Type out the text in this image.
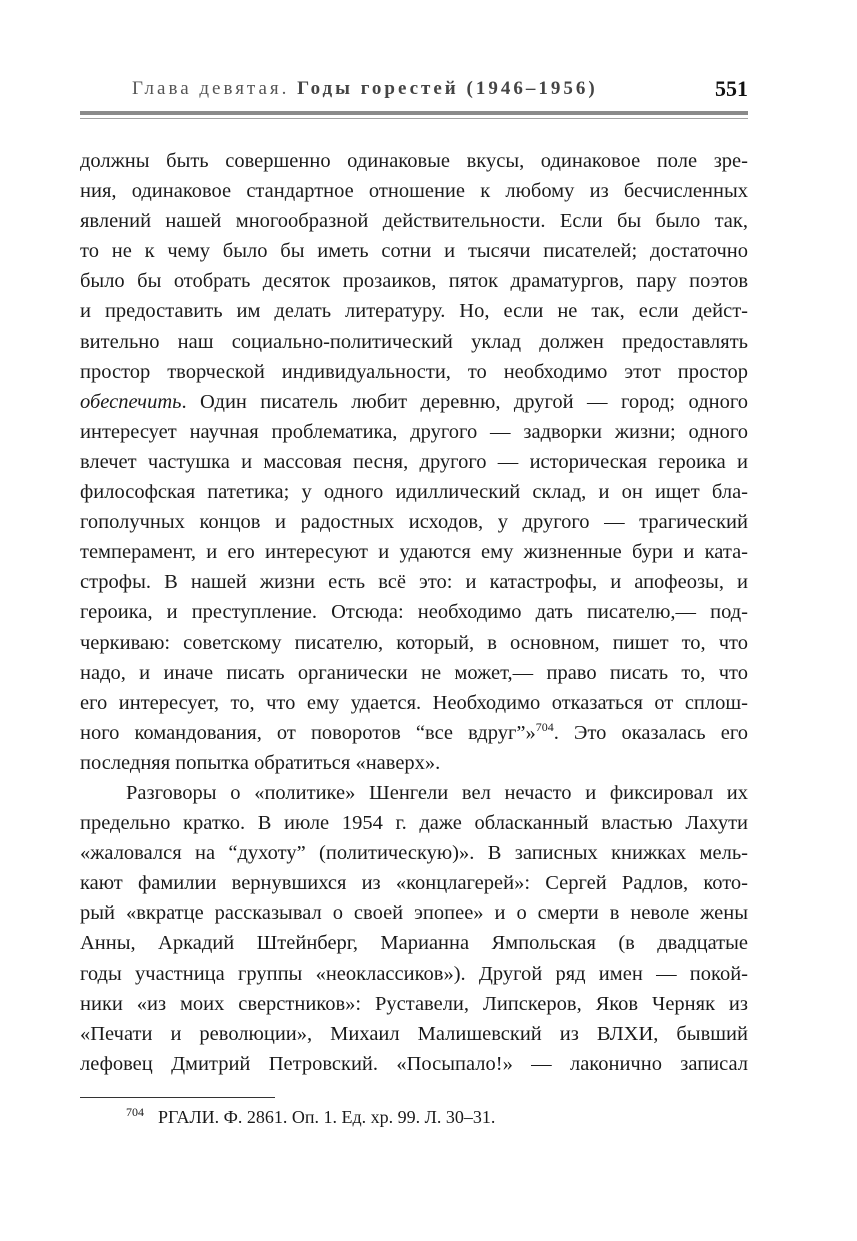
Глава девятая. Годы горестей (1946–1956)	551
должны быть совершенно одинаковые вкусы, одинаковое поле зре-
ния, одинаковое стандартное отношение к любому из бесчисленных
явлений нашей многообразной действительности. Если бы было так,
то не к чему было бы иметь сотни и тысячи писателей; достаточно
было бы отобрать десяток прозаиков, пяток драматургов, пару поэтов
и предоставить им делать литературу. Но, если не так, если дейст-
вительно наш социально-политический уклад должен предоставлять
простор творческой индивидуальности, то необходимо этот простор
обеспечить. Один писатель любит деревню, другой — город; одного
интересует научная проблематика, другого — задворки жизни; одного
влечет частушка и массовая песня, другого — историческая героика и
философская патетика; у одного идиллический склад, и он ищет бла-
гополучных концов и радостных исходов, у другого — трагический
темперамент, и его интересуют и удаются ему жизненные бури и ката-
строфы. В нашей жизни есть всё это: и катастрофы, и апофеозы, и
героика, и преступление. Отсюда: необходимо дать писателю,— под-
черкиваю: советскому писателю, который, в основном, пишет то, что
надо, и иначе писать органически не может,— право писать то, что
его интересует, то, что ему удается. Необходимо отказаться от сплош-
ного командования, от поворотов “все вдруг”»$^{704}$. Это оказалась его
последняя попытка обратиться «наверх».
Разговоры о «политике» Шенгели вел нечасто и фиксировал их
предельно кратко. В июле 1954 г. даже обласканный властью Лахути
«жаловался на “духоту” (политическую)». В записных книжках мель-
кают фамилии вернувшихся из «концлагерей»: Сергей Радлов, кото-
рый «вкратце рассказывал о своей эпопее» и о смерти в неволе жены
Анны, Аркадий Штейнберг, Марианна Ямпольская (в двадцатые
годы участница группы «неоклассиков»). Другой ряд имен — покой-
ники «из моих сверстников»: Руставели, Липскеров, Яков Черняк из
«Печати и революции», Михаил Малишевский из ВЛХИ, бывший
лефовец Дмитрий Петровский. «Посыпало!» — лаконично записал
$^{704}$ РГАЛИ. Ф. 2861. Оп. 1. Ед. хр. 99. Л. 30–31.
